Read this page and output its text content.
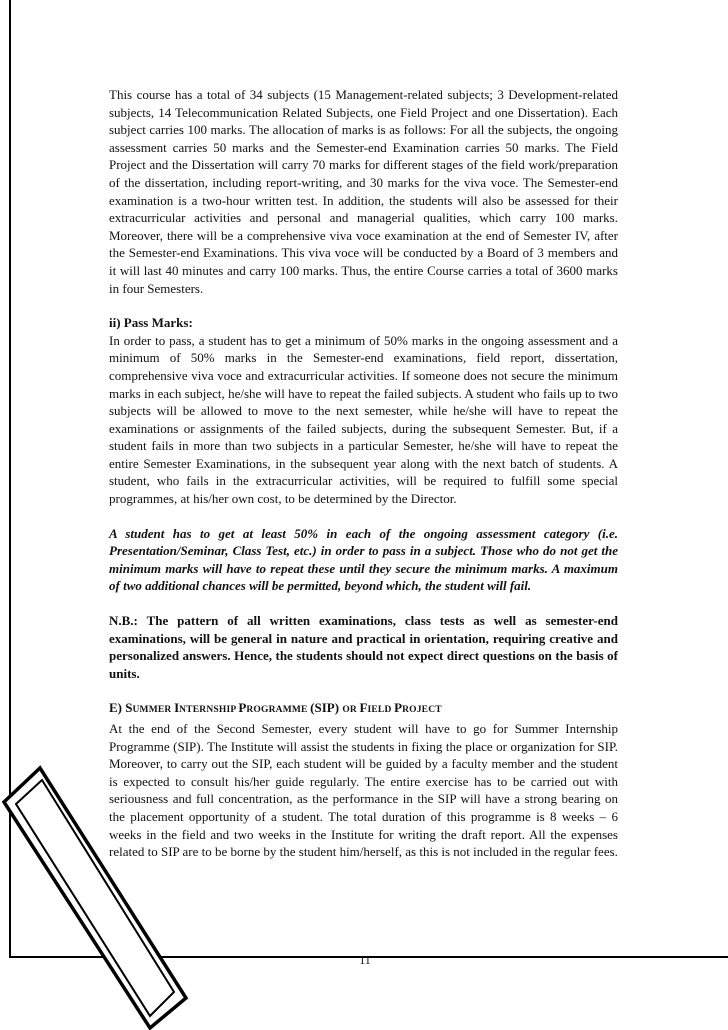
This course has a total of 34 subjects (15 Management-related subjects; 3 Development-related subjects, 14 Telecommunication Related Subjects, one Field Project and one Dissertation). Each subject carries 100 marks. The allocation of marks is as follows: For all the subjects, the ongoing assessment carries 50 marks and the Semester-end Examination carries 50 marks. The Field Project and the Dissertation will carry 70 marks for different stages of the field work/preparation of the dissertation, including report-writing, and 30 marks for the viva voce. The Semester-end examination is a two-hour written test. In addition, the students will also be assessed for their extracurricular activities and personal and managerial qualities, which carry 100 marks. Moreover, there will be a comprehensive viva voce examination at the end of Semester IV, after the Semester-end Examinations. This viva voce will be conducted by a Board of 3 members and it will last 40 minutes and carry 100 marks. Thus, the entire Course carries a total of 3600 marks in four Semesters.

ii) Pass Marks:

In order to pass, a student has to get a minimum of 50% marks in the ongoing assessment and a minimum of 50% marks in the Semester-end examinations, field report, dissertation, comprehensive viva voce and extracurricular activities. If someone does not secure the minimum marks in each subject, he/she will have to repeat the failed subjects. A student who fails up to two subjects will be allowed to move to the next semester, while he/she will have to repeat the examinations or assignments of the failed subjects, during the subsequent Semester. But, if a student fails in more than two subjects in a particular Semester, he/she will have to repeat the entire Semester Examinations, in the subsequent year along with the next batch of students. A student, who fails in the extracurricular activities, will be required to fulfill some special programmes, at his/her own cost, to be determined by the Director.

A student has to get at least 50% in each of the ongoing assessment category (i.e. Presentation/Seminar, Class Test, etc.) in order to pass in a subject. Those who do not get the minimum marks will have to repeat these until they secure the minimum marks. A maximum of two additional chances will be permitted, beyond which, the student will fail.

N.B.: The pattern of all written examinations, class tests as well as semester-end examinations, will be general in nature and practical in orientation, requiring creative and personalized answers. Hence, the students should not expect direct questions on the basis of units.

E) SUMMER INTERNSHIP PROGRAMME (SIP) OR FIELD PROJECT

At the end of the Second Semester, every student will have to go for Summer Internship Programme (SIP). The Institute will assist the students in fixing the place or organization for SIP. Moreover, to carry out the SIP, each student will be guided by a faculty member and the student is expected to consult his/her guide regularly. The entire exercise has to be carried out with seriousness and full concentration, as the performance in the SIP will have a strong bearing on the placement opportunity of a student. The total duration of this programme is 8 weeks – 6 weeks in the field and two weeks in the Institute for writing the draft report. All the expenses related to SIP are to be borne by the student him/herself, as this is not included in the regular fees.

11
